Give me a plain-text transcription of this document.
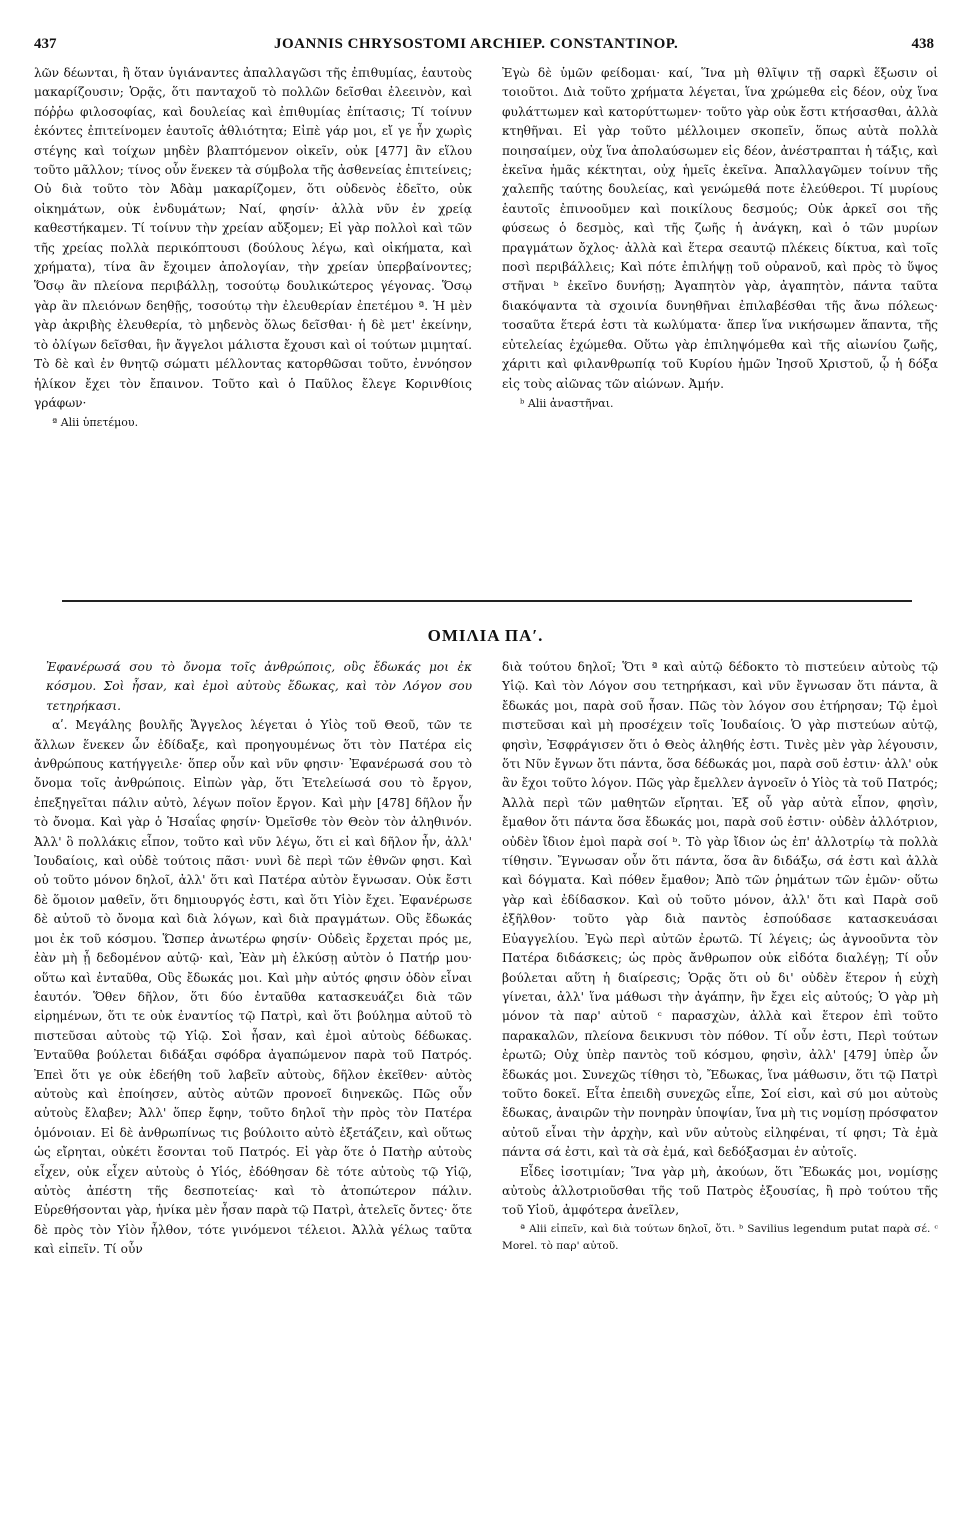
437	JOANNIS CHRYSOSTOMI ARCHIEP. CONSTANTINOP.	438

λῶν δέωνται, ἢ ὅταν ὑγιάναντες ἀπαλλαγῶσι τῆς ἐπιθυμίας, ἑαυτοὺς μακαρίζουσιν; Ὁρᾷς, ὅτι πανταχοῦ τὸ πολλῶν δεῖσθαι ἐλεεινὸν, καὶ πόῤῥω φιλοσοφίας, καὶ δουλείας καὶ ἐπιθυμίας ἐπίτασις; Τί τοίνυν ἑκόντες ἐπιτείνομεν ἑαυτοῖς ἀθλιότητα; Εἰπὲ γάρ μοι, εἴ γε ἦν χωρὶς στέγης καὶ τοίχων μηδὲν βλαπτόμενον οἰκεῖν, οὐκ [477] ἂν εἵλου τοῦτο μᾶλλον; τίνος οὖν ἕνεκεν τὰ σύμβολα τῆς ἀσθενείας ἐπιτείνεις; Οὐ διὰ τοῦτο τὸν Ἀδὰμ μακαρίζομεν, ὅτι οὐδενὸς ἐδεῖτο, οὐκ οἰκημάτων, οὐκ ἐνδυμάτων; Ναί, φησίν· ἀλλὰ νῦν ἐν χρείᾳ καθεστήκαμεν. Τί τοίνυν τὴν χρείαν αὔξομεν; Εἰ γὰρ πολλοὶ καὶ τῶν τῆς χρείας πολλὰ περικόπτουσι (δούλους λέγω, καὶ οἰκήματα, καὶ χρήματα), τίνα ἂν ἔχοιμεν ἀπολογίαν, τὴν χρείαν ὑπερβαίνοντες; Ὅσῳ ἂν πλείονα περιβάλλῃ, τοσούτῳ δουλικώτερος γέγονας. Ὅσῳ γὰρ ἂν πλειόνων δεηθῇς, τοσούτῳ τὴν ἐλευθερίαν ἐπετέμου ª. Ἡ μὲν γὰρ ἀκριβὴς ἐλευθερία, τὸ μηδενὸς ὅλως δεῖσθαι· ἡ δὲ μετ' ἐκείνην, τὸ ὀλίγων δεῖσθαι, ἣν ἄγγελοι μάλιστα ἔχουσι καὶ οἱ τούτων μιμηταί. Τὸ δὲ καὶ ἐν θνητῷ σώματι μέλλοντας κατορθῶσαι τοῦτο, ἐννόησον ἡλίκον ἔχει τὸν ἔπαινον. Τοῦτο καὶ ὁ Παῦλος ἔλεγε Κορινθίοις γράφων·

ª Alii ὑπετέμου.

Ἐγὼ δὲ ὑμῶν φείδομαι· καί, Ἵνα μὴ θλῖψιν τῇ σαρκὶ ἕξωσιν οἱ τοιοῦτοι. Διὰ τοῦτο χρήματα λέγεται, ἵνα χρώμεθα εἰς δέον, οὐχ ἵνα φυλάττωμεν καὶ κατορύττωμεν· τοῦτο γὰρ οὐκ ἔστι κτήσασθαι, ἀλλὰ κτηθῆναι. Εἰ γὰρ τοῦτο μέλλοιμεν σκοπεῖν, ὅπως αὐτὰ πολλὰ ποιησαίμεν, οὐχ ἵνα ἀπολαύσωμεν εἰς δέον, ἀνέστραπται ἡ τάξις, καὶ ἐκεῖνα ἡμᾶς κέκτηται, οὐχ ἡμεῖς ἐκεῖνα. Ἀπαλλαγῶμεν τοίνυν τῆς χαλεπῆς ταύτης δουλείας, καὶ γενώμεθά ποτε ἐλεύθεροι. Τί μυρίους ἑαυτοῖς ἐπινοοῦμεν καὶ ποικίλους δεσμούς; Οὐκ ἀρκεῖ σοι τῆς φύσεως ὁ δεσμὸς, καὶ τῆς ζωῆς ἡ ἀνάγκη, καὶ ὁ τῶν μυρίων πραγμάτων ὄχλος· ἀλλὰ καὶ ἕτερα σεαυτῷ πλέκεις δίκτυα, καὶ τοῖς ποσὶ περιβάλλεις; Καὶ πότε ἐπιλήψῃ τοῦ οὐρανοῦ, καὶ πρὸς τὸ ὕψος στῆναι ᵇ ἐκεῖνο δυνήσῃ; Ἀγαπητὸν γὰρ, ἀγαπητὸν, πάντα ταῦτα διακόψαντα τὰ σχοινία δυνηθῆναι ἐπιλαβέσθαι τῆς ἄνω πόλεως· τοσαῦτα ἕτερά ἐστι τὰ κωλύματα· ἅπερ ἵνα νικήσωμεν ἅπαντα, τῆς εὐτελείας ἐχώμεθα. Οὕτω γὰρ ἐπιληψόμεθα καὶ τῆς αἰωνίου ζωῆς, χάριτι καὶ φιλανθρωπίᾳ τοῦ Κυρίου ἡμῶν Ἰησοῦ Χριστοῦ, ᾧ ἡ δόξα εἰς τοὺς αἰῶνας τῶν αἰώνων. Ἀμήν.

ᵇ Alii ἀναστῆναι.

ΟΜΙΛΙΑ ΠΑʹ.

Ἐφανέρωσά σου τὸ ὄνομα τοῖς ἀνθρώποις, οὓς ἔδωκάς μοι ἐκ κόσμου. Σοὶ ἦσαν, καὶ ἐμοὶ αὐτοὺς ἔδωκας, καὶ τὸν Λόγον σου τετηρήκασι.

αʹ. Μεγάλης βουλῆς Ἄγγελος λέγεται ὁ Υἱὸς τοῦ Θεοῦ, τῶν τε ἄλλων ἕνεκεν ὧν ἐδίδαξε, καὶ προηγουμένως ὅτι τὸν Πατέρα εἰς ἀνθρώπους κατήγγειλε· ὅπερ οὖν καὶ νῦν φησιν· Ἐφανέρωσά σου τὸ ὄνομα τοῖς ἀνθρώποις. Εἰπὼν γὰρ, ὅτι Ἐτελείωσά σου τὸ ἔργον, ἐπεξηγεῖται πάλιν αὐτὸ, λέγων ποῖον ἔργον. Καὶ μὴν [478] δῆλον ἦν τὸ ὄνομα. Καὶ γὰρ ὁ Ἡσαΐας φησίν· Ὀμεῖσθε τὸν Θεὸν τὸν ἀληθινόν. Ἀλλ' ὃ πολλάκις εἶπον, τοῦτο καὶ νῦν λέγω, ὅτι εἰ καὶ δῆλον ἦν, ἀλλ' Ἰουδαίοις, καὶ οὐδὲ τούτοις πᾶσι· νυνὶ δὲ περὶ τῶν ἐθνῶν φησι. Καὶ οὐ τοῦτο μόνον δηλοῖ, ἀλλ' ὅτι καὶ Πατέρα αὐτὸν ἔγνωσαν. Οὐκ ἔστι δὲ ὅμοιον μαθεῖν, ὅτι δημιουργός ἐστι, καὶ ὅτι Υἱὸν ἔχει. Ἐφανέρωσε δὲ αὐτοῦ τὸ ὄνομα καὶ διὰ λόγων, καὶ διὰ πραγμάτων. Οὓς ἔδωκάς μοι ἐκ τοῦ κόσμου. Ὥσπερ ἀνωτέρω φησίν· Οὐδεὶς ἔρχεται πρός με, ἐὰν μὴ ᾖ δεδομένον αὐτῷ· καὶ, Ἐὰν μὴ ἑλκύσῃ αὐτὸν ὁ Πατήρ μου· οὕτω καὶ ἐνταῦθα, Οὓς ἔδωκάς μοι. Καὶ μὴν αὐτός φησιν ὁδὸν εἶναι ἑαυτόν. Ὅθεν δῆλον, ὅτι δύο ἐνταῦθα κατασκευάζει διὰ τῶν εἰρημένων, ὅτι τε οὐκ ἐναντίος τῷ Πατρὶ, καὶ ὅτι βούλημα αὐτοῦ τὸ πιστεῦσαι αὐτοὺς τῷ Υἱῷ. Σοὶ ἦσαν, καὶ ἐμοὶ αὐτοὺς δέδωκας. Ἐνταῦθα βούλεται διδάξαι σφόδρα ἀγαπώμενον παρὰ τοῦ Πατρός. Ἐπεὶ ὅτι γε οὐκ ἐδεήθη τοῦ λαβεῖν αὐτοὺς, δῆλον ἐκεῖθεν· αὐτὸς αὐτοὺς καὶ ἐποίησεν, αὐτὸς αὐτῶν προνοεῖ διηνεκῶς. Πῶς οὖν αὐτοὺς ἔλαβεν; Ἀλλ' ὅπερ ἔφην, τοῦτο δηλοῖ τὴν πρὸς τὸν Πατέρα ὁμόνοιαν. Εἰ δὲ ἀνθρωπίνως τις βούλοιτο αὐτὸ ἐξετάζειν, καὶ οὕτως ὡς εἴρηται, οὐκέτι ἔσονται τοῦ Πατρός. Εἰ γὰρ ὅτε ὁ Πατὴρ αὐτοὺς εἶχεν, οὐκ εἶχεν αὐτοὺς ὁ Υἱός, ἐδόθησαν δὲ τότε αὐτοὺς τῷ Υἱῷ, αὐτὸς ἀπέστη τῆς δεσποτείας· καὶ τὸ ἀτοπώτερον πάλιν. Εὑρεθήσονται γὰρ, ἡνίκα μὲν ἦσαν παρὰ τῷ Πατρὶ, ἀτελεῖς ὄντες· ὅτε δὲ πρὸς τὸν Υἱὸν ἦλθον, τότε γινόμενοι τέλειοι. Ἀλλὰ γέλως ταῦτα καὶ εἰπεῖν. Τί οὖν

διὰ τούτου δηλοῖ; Ὅτι ª καὶ αὐτῷ δέδοκτο τὸ πιστεύειν αὐτοὺς τῷ Υἱῷ. Καὶ τὸν Λόγον σου τετηρήκασι, καὶ νῦν ἔγνωσαν ὅτι πάντα, ἃ ἔδωκάς μοι, παρὰ σοῦ ἦσαν. Πῶς τὸν λόγον σου ἐτήρησαν; Τῷ ἐμοὶ πιστεῦσαι καὶ μὴ προσέχειν τοῖς Ἰουδαίοις. Ὁ γὰρ πιστεύων αὐτῷ, φησὶν, Ἐσφράγισεν ὅτι ὁ Θεὸς ἀληθής ἐστι. Τινὲς μὲν γὰρ λέγουσιν, ὅτι Νῦν ἔγνων ὅτι πάντα, ὅσα δέδωκάς μοι, παρὰ σοῦ ἐστιν· ἀλλ' οὐκ ἂν ἔχοι τοῦτο λόγον. Πῶς γὰρ ἔμελλεν ἀγνοεῖν ὁ Υἱὸς τὰ τοῦ Πατρός; Ἀλλὰ περὶ τῶν μαθητῶν εἴρηται. Ἐξ οὗ γὰρ αὐτὰ εἶπον, φησὶν, ἔμαθον ὅτι πάντα ὅσα ἔδωκάς μοι, παρὰ σοῦ ἐστιν· οὐδὲν ἀλλότριον, οὐδὲν ἴδιον ἐμοὶ παρὰ σοί ᵇ. Τὸ γὰρ ἴδιον ὡς ἐπ' ἀλλοτρίῳ τὰ πολλὰ τίθησιν. Ἔγνωσαν οὖν ὅτι πάντα, ὅσα ἂν διδάξω, σά ἐστι καὶ ἀλλὰ καὶ δόγματα. Καὶ πόθεν ἔμαθον; Ἀπὸ τῶν ῥημάτων τῶν ἐμῶν· οὕτω γὰρ καὶ ἐδίδασκον. Καὶ οὐ τοῦτο μόνον, ἀλλ' ὅτι καὶ Παρὰ σοῦ ἐξῆλθον· τοῦτο γὰρ διὰ παντὸς ἐσπούδασε κατασκευάσαι Εὐαγγελίου. Ἐγὼ περὶ αὐτῶν ἐρωτῶ. Τί λέγεις; ὡς ἀγνοοῦντα τὸν Πατέρα διδάσκεις; ὡς πρὸς ἄνθρωπον οὐκ εἰδότα διαλέγῃ; Τί οὖν βούλεται αὕτη ἡ διαίρεσις; Ὁρᾷς ὅτι οὐ δι' οὐδὲν ἕτερον ἡ εὐχὴ γίνεται, ἀλλ' ἵνα μάθωσι τὴν ἀγάπην, ἣν ἔχει εἰς αὐτούς; Ὁ γὰρ μὴ μόνον τὰ παρ' αὐτοῦ ᶜ παρασχὼν, ἀλλὰ καὶ ἕτερον ἐπὶ τοῦτο παρακαλῶν, πλείονα δεικνυσι τὸν πόθον. Τί οὖν ἐστι, Περὶ τούτων ἐρωτῶ; Οὐχ ὑπὲρ παντὸς τοῦ κόσμου, φησὶν, ἀλλ' [479] ὑπὲρ ὧν ἔδωκάς μοι. Συνεχῶς τίθησι τὸ, Ἔδωκας, ἵνα μάθωσιν, ὅτι τῷ Πατρὶ τοῦτο δοκεῖ. Εἶτα ἐπειδὴ συνεχῶς εἶπε, Σοί εἰσι, καὶ σύ μοι αὐτοὺς ἔδωκας, ἀναιρῶν τὴν πονηρὰν ὑποψίαν, ἵνα μὴ τις νομίσῃ πρόσφατον αὐτοῦ εἶναι τὴν ἀρχὴν, καὶ νῦν αὐτοὺς εἰληφέναι, τί φησι; Τὰ ἐμὰ πάντα σά ἐστι, καὶ τὰ σὰ ἐμά, καὶ δεδόξασμαι ἐν αὐτοῖς.

Εἶδες ἰσοτιμίαν; Ἵνα γὰρ μὴ, ἀκούων, ὅτι Ἔδωκάς μοι, νομίσῃς αὐτοὺς ἀλλοτριοῦσθαι τῆς τοῦ Πατρὸς ἐξουσίας, ἢ πρὸ τούτου τῆς τοῦ Υἱοῦ, ἀμφότερα ἀνεῖλεν,

ª Alii εἰπεῖν, καὶ διὰ τούτων δηλοῖ, ὅτι. ᵇ Savilius legendum putat παρὰ σέ. ᶜ Morel. τὸ παρ' αὐτοῦ.
